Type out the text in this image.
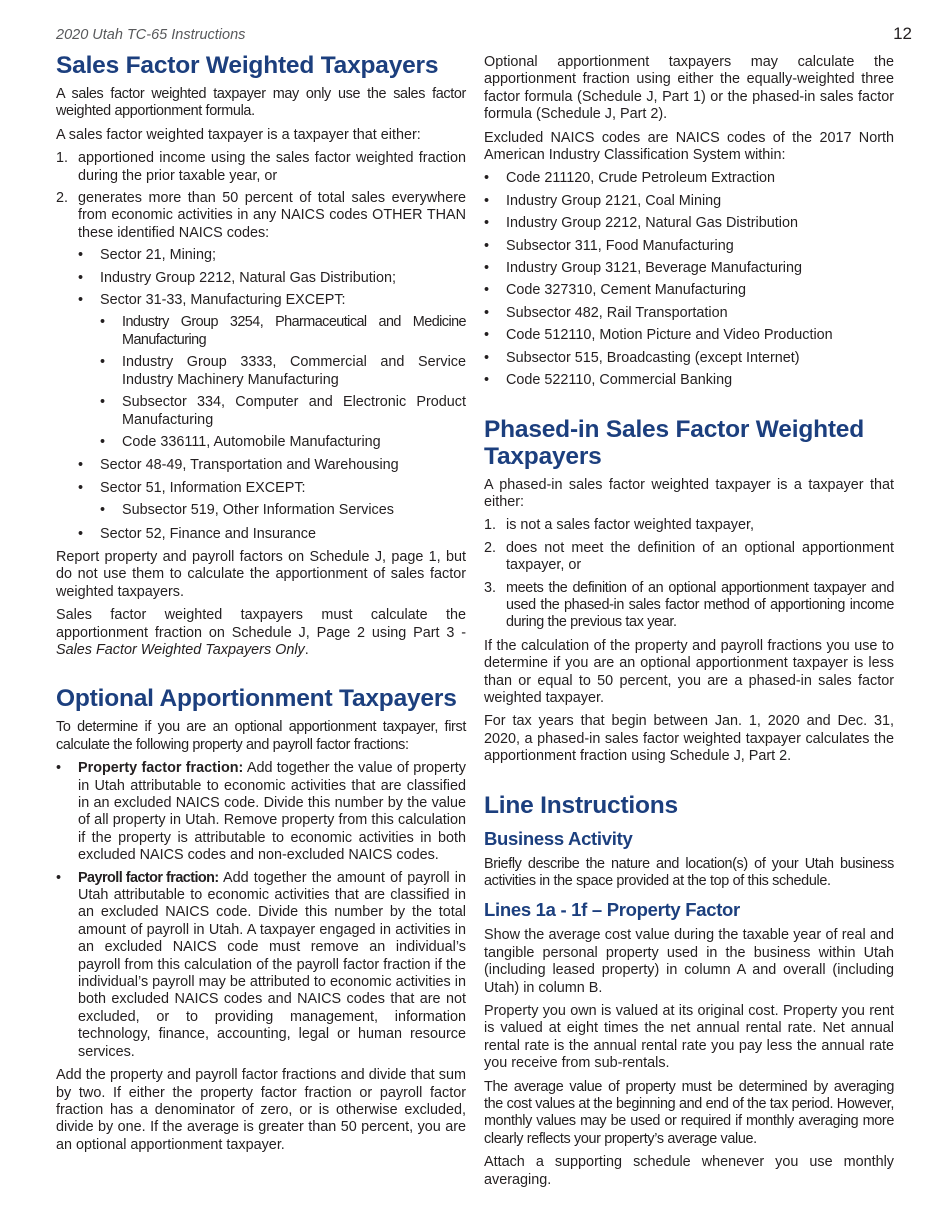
2020 Utah TC-65 Instructions	12
Sales Factor Weighted Taxpayers

A sales factor weighted taxpayer may only use the sales factor weighted apportionment formula.

A sales factor weighted taxpayer is a taxpayer that either:

1. apportioned income using the sales factor weighted fraction during the prior taxable year, or
2. generates more than 50 percent of total sales everywhere from economic activities in any NAICS codes OTHER THAN these identified NAICS codes:
• Sector 21, Mining;
• Industry Group 2212, Natural Gas Distribution;
• Sector 31-33, Manufacturing EXCEPT:
• Industry Group 3254, Pharmaceutical and Medicine Manufacturing
• Industry Group 3333, Commercial and Service Industry Machinery Manufacturing
• Subsector 334, Computer and Electronic Product Manufacturing
• Code 336111, Automobile Manufacturing
• Sector 48-49, Transportation and Warehousing
• Sector 51, Information EXCEPT:
• Subsector 519, Other Information Services
• Sector 52, Finance and Insurance

Report property and payroll factors on Schedule J, page 1, but do not use them to calculate the apportionment of sales factor weighted taxpayers.

Sales factor weighted taxpayers must calculate the apportionment fraction on Schedule J, Page 2 using Part 3 - Sales Factor Weighted Taxpayers Only.

Optional Apportionment Taxpayers

To determine if you are an optional apportionment taxpayer, first calculate the following property and payroll factor fractions:

• Property factor fraction: Add together the value of property in Utah attributable to economic activities that are classified in an excluded NAICS code. Divide this number by the value of all property in Utah. Remove property from this calculation if the property is attributable to economic activities in both excluded NAICS codes and non-excluded NAICS codes.
• Payroll factor fraction: Add together the amount of payroll in Utah attributable to economic activities that are classified in an excluded NAICS code. Divide this number by the total amount of payroll in Utah. A taxpayer engaged in activities in an excluded NAICS code must remove an individual’s payroll from this calculation of the payroll factor fraction if the individual’s payroll may be attributed to economic activities in both excluded NAICS codes and NAICS codes that are not excluded, or to providing management, information technology, finance, accounting, legal or human resource services.

Add the property and payroll factor fractions and divide that sum by two. If either the property factor fraction or payroll factor fraction has a denominator of zero, or is otherwise excluded, divide by one. If the average is greater than 50 percent, you are an optional apportionment taxpayer.

Optional apportionment taxpayers may calculate the apportionment fraction using either the equally-weighted three factor formula (Schedule J, Part 1) or the phased-in sales factor formula (Schedule J, Part 2).

Excluded NAICS codes are NAICS codes of the 2017 North American Industry Classification System within:

• Code 211120, Crude Petroleum Extraction
• Industry Group 2121, Coal Mining
• Industry Group 2212, Natural Gas Distribution
• Subsector 311, Food Manufacturing
• Industry Group 3121, Beverage Manufacturing
• Code 327310, Cement Manufacturing
• Subsector 482, Rail Transportation
• Code 512110, Motion Picture and Video Production
• Subsector 515, Broadcasting (except Internet)
• Code 522110, Commercial Banking
Phased-in Sales Factor Weighted Taxpayers

A phased-in sales factor weighted taxpayer is a taxpayer that either:

1. is not a sales factor weighted taxpayer,
2. does not meet the definition of an optional apportionment taxpayer, or
3. meets the definition of an optional apportionment taxpayer and used the phased-in sales factor method of apportioning income during the previous tax year.

If the calculation of the property and payroll fractions you use to determine if you are an optional apportionment taxpayer is less than or equal to 50 percent, you are a phased-in sales factor weighted taxpayer.

For tax years that begin between Jan. 1, 2020 and Dec. 31, 2020, a phased-in sales factor weighted taxpayer calculates the apportionment fraction using Schedule J, Part 2.

Line Instructions
Business Activity

Briefly describe the nature and location(s) of your Utah business activities in the space provided at the top of this schedule.

Lines 1a - 1f – Property Factor

Show the average cost value during the taxable year of real and tangible personal property used in the business within Utah (including leased property) in column A and overall (including Utah) in column B.

Property you own is valued at its original cost. Property you rent is valued at eight times the net annual rental rate. Net annual rental rate is the annual rental rate you pay less the annual rate you receive from sub-rentals.

The average value of property must be determined by averaging the cost values at the beginning and end of the tax period. However, monthly values may be used or required if monthly averaging more clearly reflects your property’s average value.

Attach a supporting schedule whenever you use monthly averaging.
